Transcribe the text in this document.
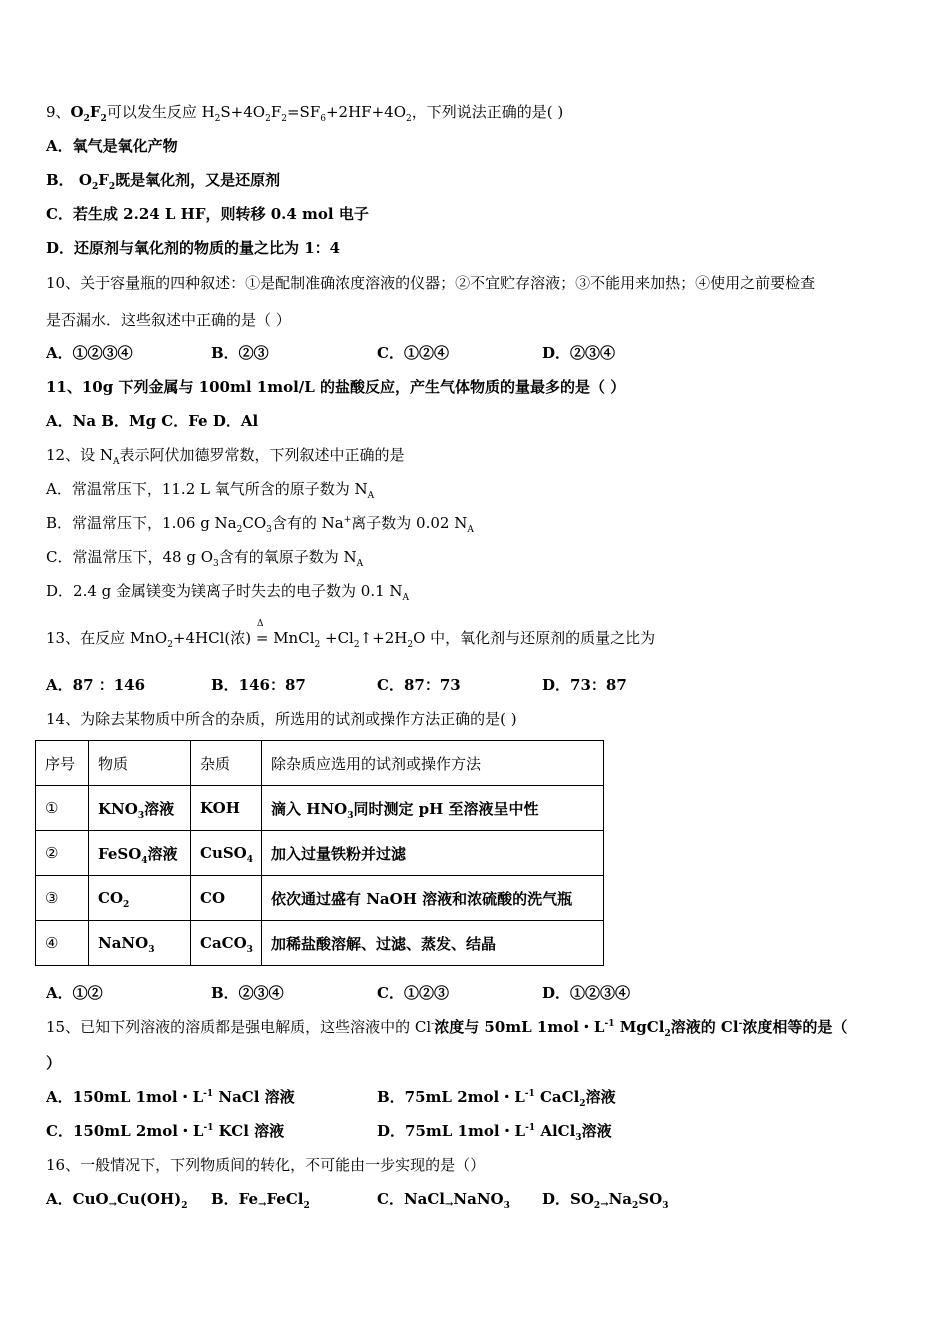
9、$O_2F_2$可以发生反应 $H_2S+4O_2F_2=SF_6+2HF+4O_2$，下列说法正确的是( )
A．氧气是氧化产物
B． $O_2F_2$既是氧化剂，又是还原剂
C．若生成 2.24 L HF，则转移 0.4 mol 电子
D．还原剂与氧化剂的物质的量之比为 1：4
10、关于容量瓶的四种叙述：①是配制准确浓度溶液的仪器；②不宜贮存溶液；③不能用来加热；④使用之前要检查
是否漏水．这些叙述中正确的是（ ）
A．①②③④	B．②③	C．①②④	D．②③④
11、10g 下列金属与 100ml 1mol/L 的盐酸反应，产生气体物质的量最多的是（ ）
A．Na B．Mg C．Fe D．Al
12、设 $N_A$表示阿伏加德罗常数，下列叙述中正确的是
A．常温常压下，11.2 L 氧气所含的原子数为 $N_A$
B．常温常压下，1.06 g $Na_2CO_3$含有的 Na+离子数为 0.02 $N_A$
C．常温常压下，48 g $O_3$含有的氧原子数为 $N_A$
D．2.4 g 金属镁变为镁离子时失去的电子数为 0.1 $N_A$
Δ
13、在反应 MnO$_2$+4HCl(浓) = MnCl$_2$ $+Cl_2↑+2H_2O$ 中，氧化剂与还原剂的质量之比为
A．87 ：146	B．146：87	C．87：73	D．73：87
14、为除去某物质中所含的杂质，所选用的试剂或操作方法正确的是( )
序号	物质	杂质	除杂质应选用的试剂或操作方法
①	$KNO_3$溶液	KOH	滴入 $HNO_3$同时测定 pH 至溶液呈中性
②	FeSO$_4$溶液	CuSO$_4$	加入过量铁粉并过滤
③	$CO_2$	CO	依次通过盛有 NaOH 溶液和浓硫酸的洗气瓶
④	NaNO$_3$	CaCO$_3$	加稀盐酸溶解、过滤、蒸发、结晶
A．①②	B．②③④	C．①②③	D．①②③④
15、已知下列溶液的溶质都是强电解质，这些溶液中的 Cl-浓度与 50mL 1mol・$L^{-1}$ MgCl$_2$溶液的 Cl-浓度相等的是（
）
A．150mL 1mol・$L^{-1}$ NaCl 溶液	B．75mL 2mol・$L^{-1}$ CaCl$_2$溶液
C．150mL 2mol・$L^{-1}$ KCl 溶液	D．75mL 1mol・$L^{-1}$ AlCl$_3$溶液
16、一般情况下，下列物质间的转化，不可能由一步实现的是（）
A．$CuO_\to Cu(OH)_2$ B．$Fe_\to FeCl_2$	C．NaCl$_\to$NaNO$_3$ D．$SO_{2\to}Na_2SO_3$
